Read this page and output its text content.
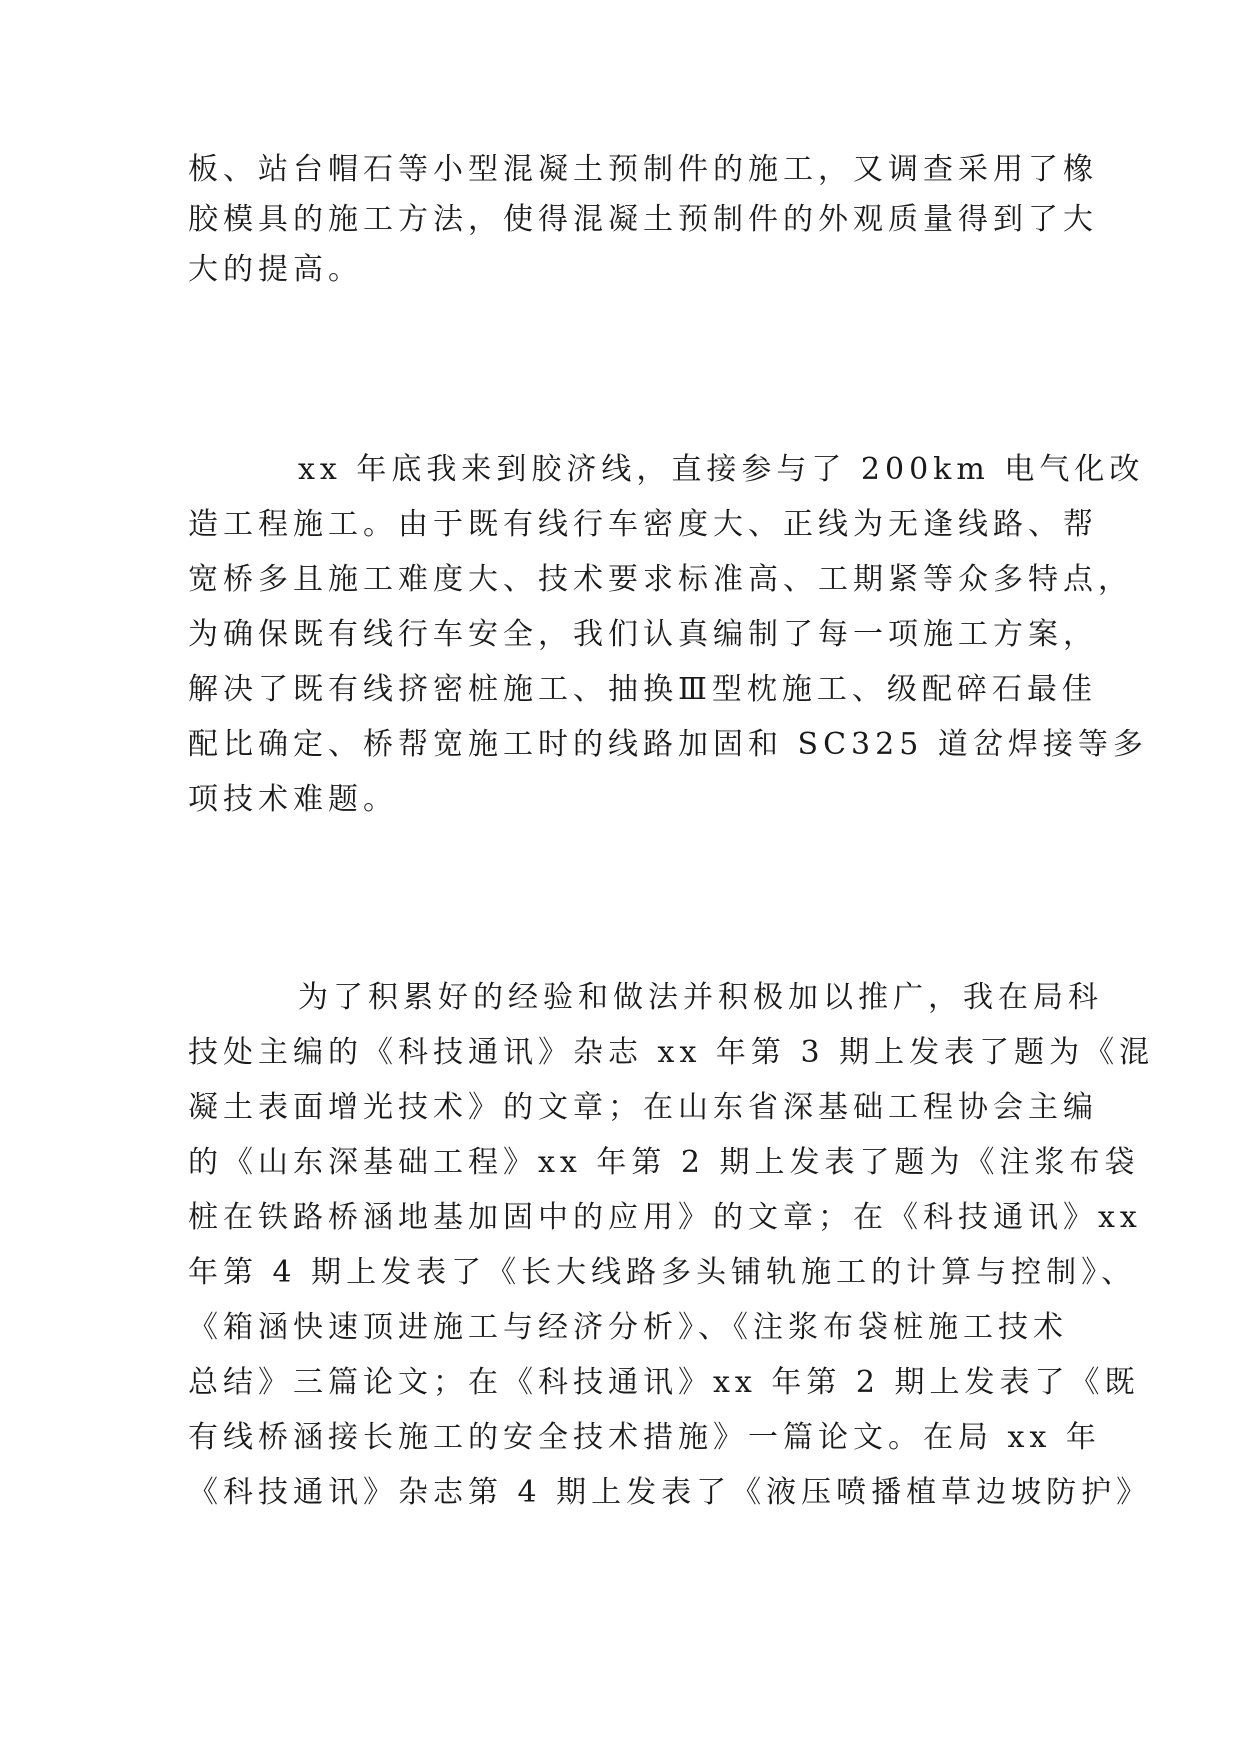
板、站台帽石等小型混凝土预制件的施工，又调查采用了橡

胶模具的施工方法，使得混凝土预制件的外观质量得到了大

大的提高。

xx 年底我来到胶济线，直接参与了 200km 电气化改

造工程施工。由于既有线行车密度大、正线为无逢线路、帮

宽桥多且施工难度大、技术要求标准高、工期紧等众多特点，

为确保既有线行车安全，我们认真编制了每一项施工方案，

解决了既有线挤密桩施工、抽换Ⅲ型枕施工、级配碎石最佳

配比确定、桥帮宽施工时的线路加固和 SC325 道岔焊接等多

项技术难题。

为了积累好的经验和做法并积极加以推广，我在局科

技处主编的《科技通讯》杂志 xx 年第 3 期上发表了题为《混

凝土表面增光技术》的文章；在山东省深基础工程协会主编

的《山东深基础工程》xx 年第 2 期上发表了题为《注浆布袋

桩在铁路桥涵地基加固中的应用》的文章；在《科技通讯》xx

年第 4 期上发表了《长大线路多头铺轨施工的计算与控制》、

《箱涵快速顶进施工与经济分析》、《注浆布袋桩施工技术

总结》三篇论文；在《科技通讯》xx 年第 2 期上发表了《既

有线桥涵接长施工的安全技术措施》一篇论文。在局 xx 年

《科技通讯》杂志第 4 期上发表了《液压喷播植草边坡防护》
